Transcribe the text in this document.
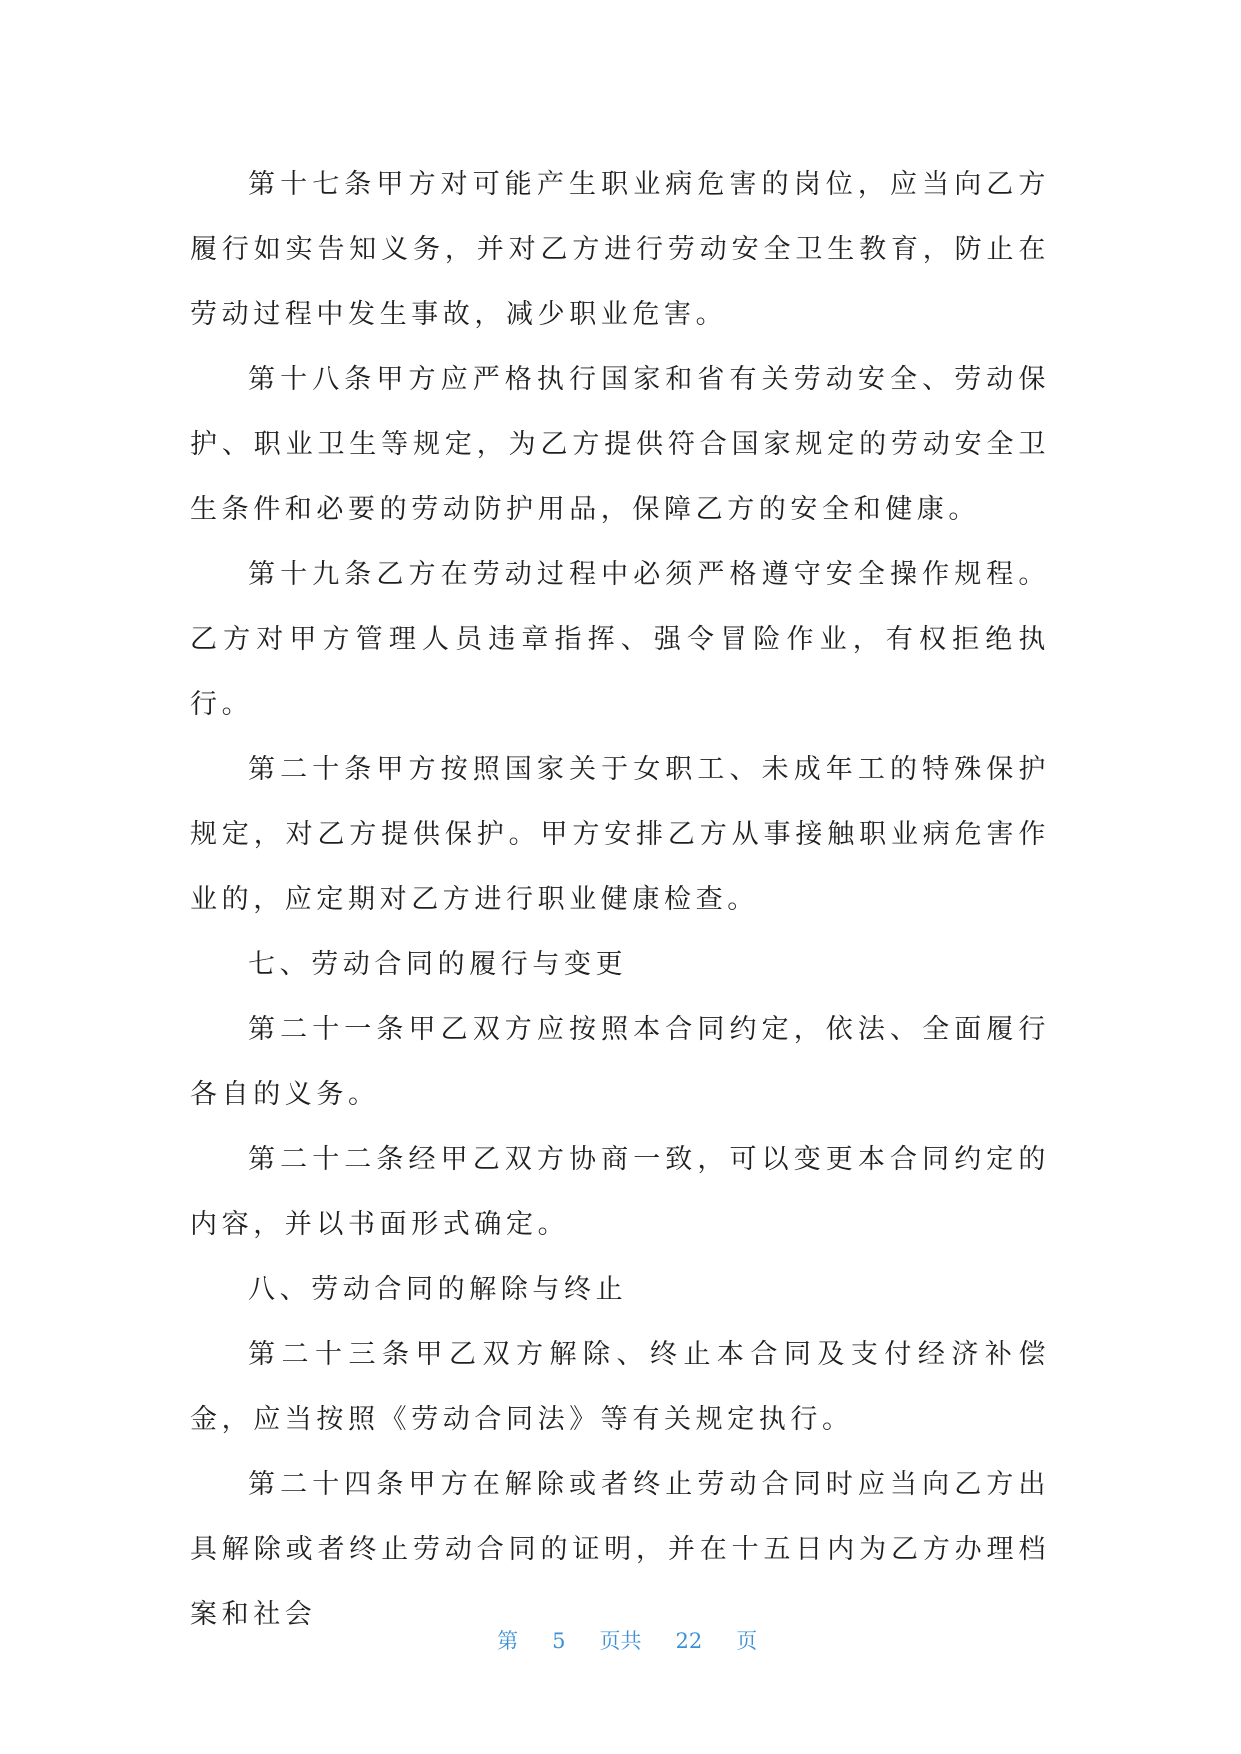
第十七条甲方对可能产生职业病危害的岗位，应当向乙方履行如实告知义务，并对乙方进行劳动安全卫生教育，防止在劳动过程中发生事故，减少职业危害。

第十八条甲方应严格执行国家和省有关劳动安全、劳动保护、职业卫生等规定，为乙方提供符合国家规定的劳动安全卫生条件和必要的劳动防护用品，保障乙方的安全和健康。

第十九条乙方在劳动过程中必须严格遵守安全操作规程。乙方对甲方管理人员违章指挥、强令冒险作业，有权拒绝执行。

第二十条甲方按照国家关于女职工、未成年工的特殊保护规定，对乙方提供保护。甲方安排乙方从事接触职业病危害作业的，应定期对乙方进行职业健康检查。

七、劳动合同的履行与变更

第二十一条甲乙双方应按照本合同约定，依法、全面履行各自的义务。

第二十二条经甲乙双方协商一致，可以变更本合同约定的内容，并以书面形式确定。

八、劳动合同的解除与终止

第二十三条甲乙双方解除、终止本合同及支付经济补偿金，应当按照《劳动合同法》等有关规定执行。

第二十四条甲方在解除或者终止劳动合同时应当向乙方出具解除或者终止劳动合同的证明，并在十五日内为乙方办理档案和社会

第 5 页共 22 页
